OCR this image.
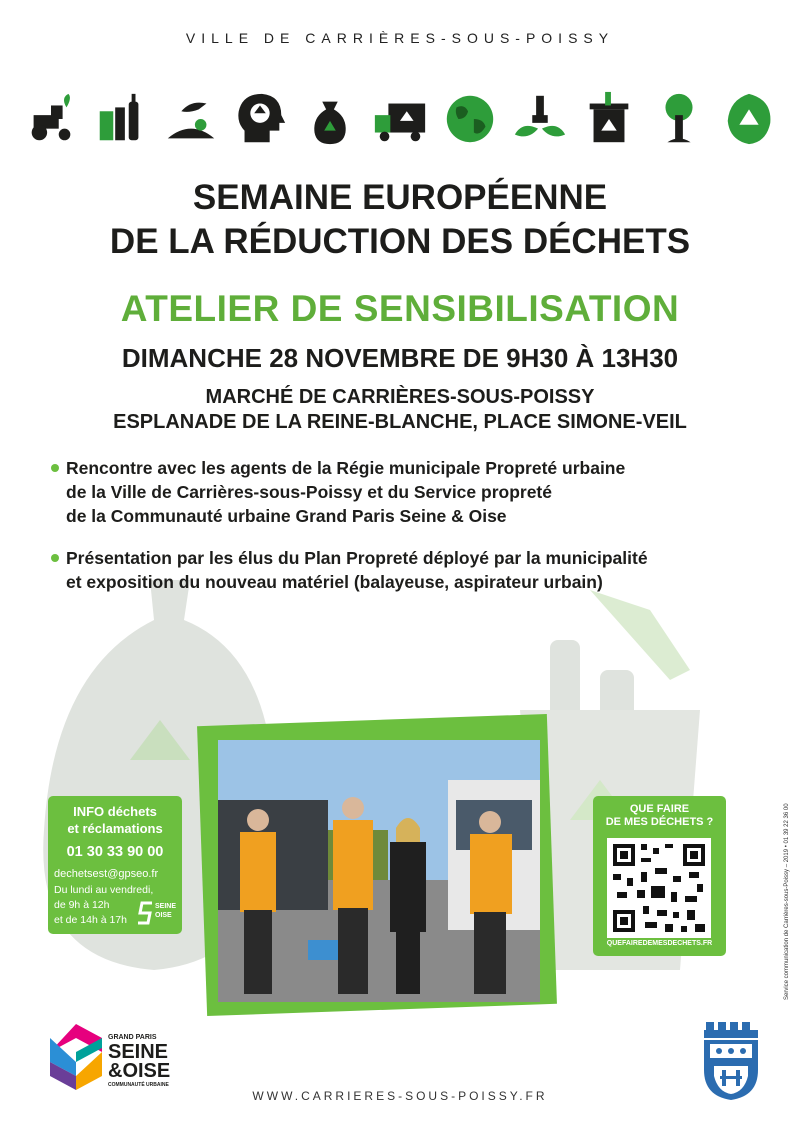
VILLE DE CARRIÈRES-SOUS-POISSY
SEMAINE EUROPÉENNE
DE LA RÉDUCTION DES DÉCHETS
ATELIER DE SENSIBILISATION
DIMANCHE 28 NOVEMBRE DE 9H30 À 13H30
MARCHÉ DE CARRIÈRES-SOUS-POISSY
ESPLANADE DE LA REINE-BLANCHE, PLACE SIMONE-VEIL
Rencontre avec les agents de la Régie municipale Propreté urbaine
de la Ville de Carrières-sous-Poissy et du Service propreté
de la Communauté urbaine Grand Paris Seine & Oise
Présentation par les élus du Plan Propreté déployé par la municipalité
et exposition du nouveau matériel (balayeuse, aspirateur urbain)
INFO déchets
et réclamations
01 30 33 90 00
dechetsest@gpseo.fr
Du lundi au vendredi,
de 9h à 12h
et de 14h à 17h
SEINE
OISE
QUE FAIRE
DE MES DÉCHETS ?
QUEFAIREDEMESDECHETS.FR	Service communication de Carrières-sous-Poissy – 2019 • 01 39 22 36 00
GRAND PARIS
SEINE
&OISE
COMMUNAUTÉ URBAINE
WWW.CARRIERES-SOUS-POISSY.FR
